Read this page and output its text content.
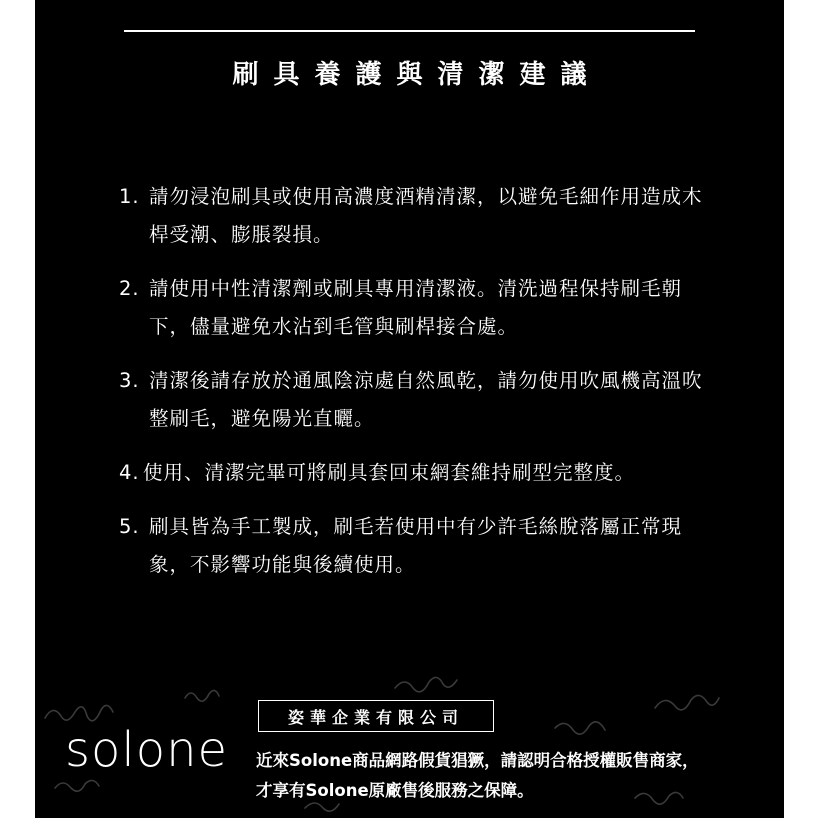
刷具養護與清潔建議
1. 請勿浸泡刷具或使用高濃度酒精清潔，以避免毛細作用造成木桿受潮、膨脹裂損。
2. 請使用中性清潔劑或刷具專用清潔液。清洗過程保持刷毛朝下，儘量避免水沾到毛管與刷桿接合處。
3. 清潔後請存放於通風陰涼處自然風乾，請勿使用吹風機高溫吹整刷毛，避免陽光直曬。
4. 使用、清潔完畢可將刷具套回束網套維持刷型完整度。
5. 刷具皆為手工製成，刷毛若使用中有少許毛絲脫落屬正常現象，不影響功能與後續使用。
solone
姿華企業有限公司
近來Solone商品網路假貨猖獗，請認明合格授權販售商家，
才享有Solone原廠售後服務之保障。
